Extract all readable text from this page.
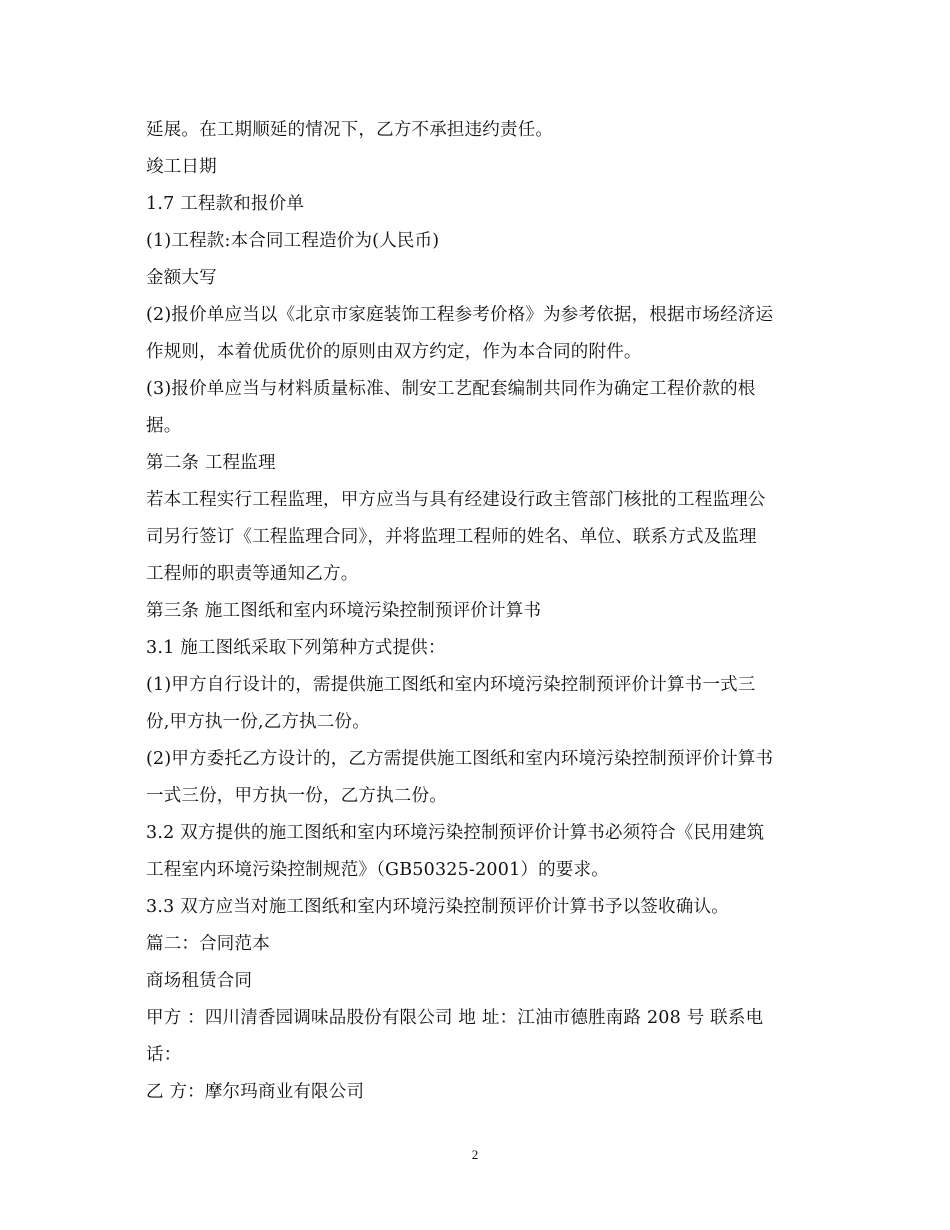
延展。在工期顺延的情况下，乙方不承担违约责任。
竣工日期
1.7 工程款和报价单
(1)工程款:本合同工程造价为(人民币)
金额大写
(2)报价单应当以《北京市家庭装饰工程参考价格》为参考依据，根据市场经济运
作规则，本着优质优价的原则由双方约定，作为本合同的附件。
(3)报价单应当与材料质量标准、制安工艺配套编制共同作为确定工程价款的根
据。
第二条 工程监理
若本工程实行工程监理，甲方应当与具有经建设行政主管部门核批的工程监理公
司另行签订《工程监理合同》，并将监理工程师的姓名、单位、联系方式及监理
工程师的职责等通知乙方。
第三条 施工图纸和室内环境污染控制预评价计算书
3.1 施工图纸采取下列第种方式提供：
(1)甲方自行设计的，需提供施工图纸和室内环境污染控制预评价计算书一式三
份,甲方执一份,乙方执二份。
(2)甲方委托乙方设计的，乙方需提供施工图纸和室内环境污染控制预评价计算书
一式三份，甲方执一份，乙方执二份。
3.2 双方提供的施工图纸和室内环境污染控制预评价计算书必须符合《民用建筑
工程室内环境污染控制规范》（GB50325-2001）的要求。
3.3 双方应当对施工图纸和室内环境污染控制预评价计算书予以签收确认。
篇二：合同范本
商场租赁合同
甲方 ：四川清香园调味品股份有限公司 地 址：江油市德胜南路 208 号 联系电
话：
乙 方：摩尔玛商业有限公司
2
